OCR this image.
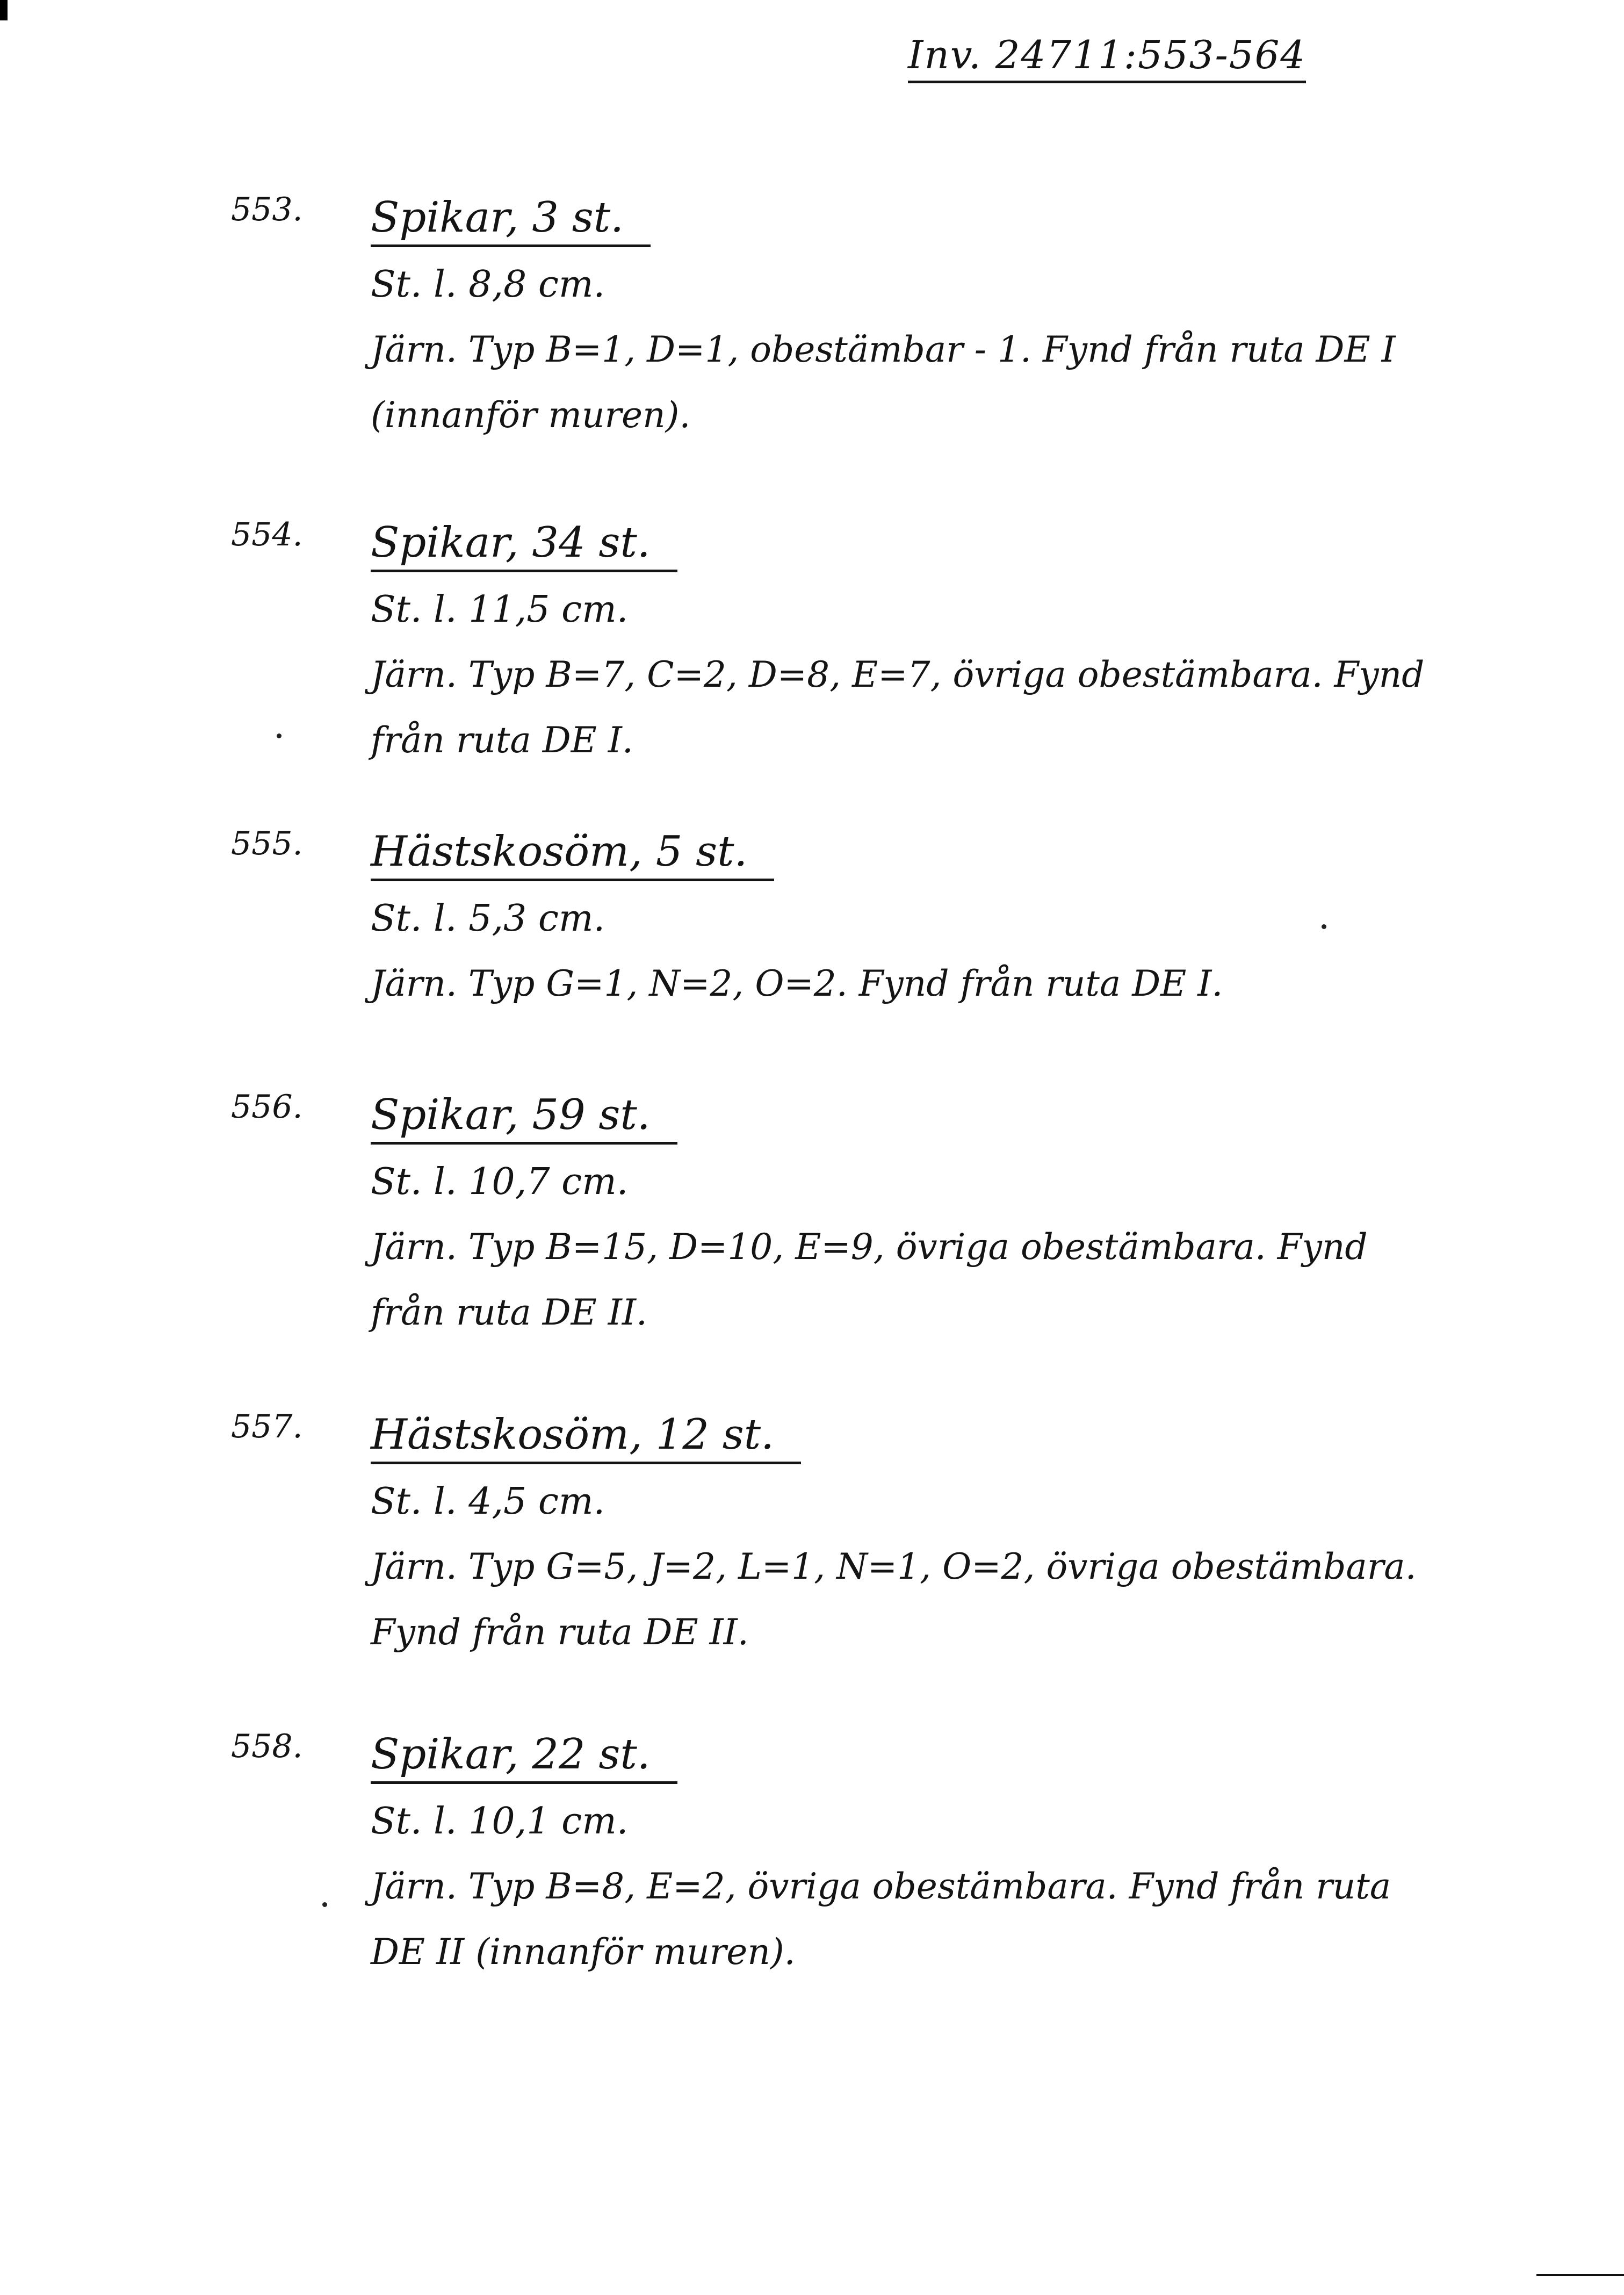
Inv. 24711:553-564
553. Spikar, 3 st.
St. l. 8,8 cm.
Järn. Typ B=1, D=1, obestämbar - 1. Fynd från ruta DE I (innanför muren).
554. Spikar, 34 st.
St. l. 11,5 cm.
Järn. Typ B=7, C=2, D=8, E=7, övriga obestämbara. Fynd från ruta DE I.
555. Hästskosöm, 5 st.
St. l. 5,3 cm.
Järn. Typ G=1, N=2, O=2. Fynd från ruta DE I.
556. Spikar, 59 st.
St. l. 10,7 cm.
Järn. Typ B=15, D=10, E=9, övriga obestämbara. Fynd från ruta DE II.
557. Hästskosöm, 12 st.
St. l. 4,5 cm.
Järn. Typ G=5, J=2, L=1, N=1, O=2, övriga obestämbara. Fynd från ruta DE II.
558. Spikar, 22 st.
St. l. 10,1 cm.
Järn. Typ B=8, E=2, övriga obestämbara. Fynd från ruta DE II (innanför muren).
